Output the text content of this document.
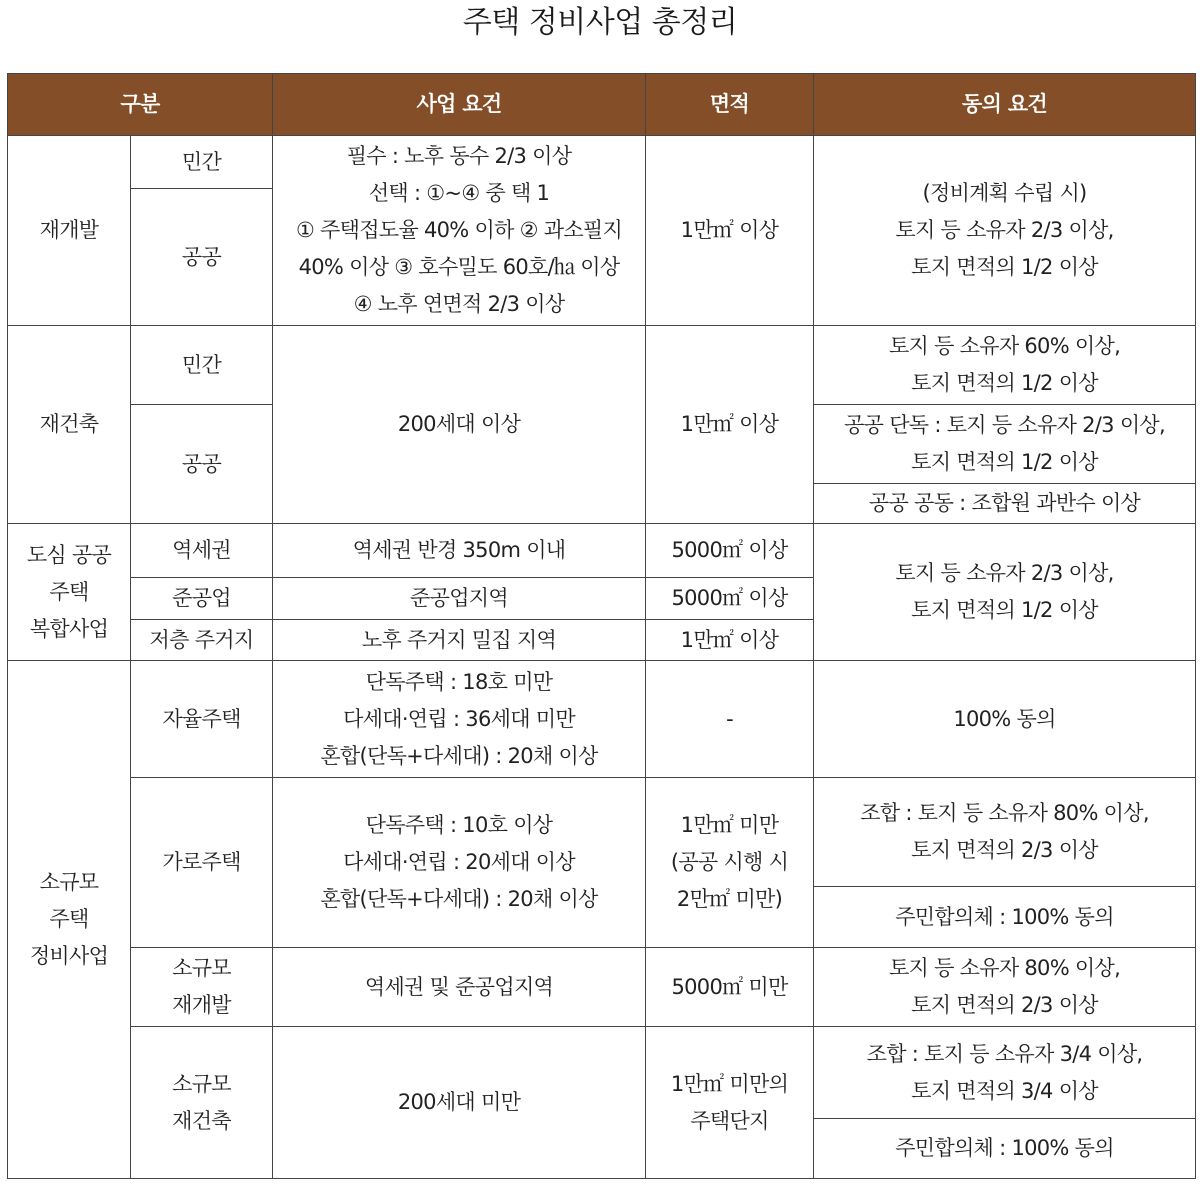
주택 정비사업 총정리
구분		사업 요건	면적	동의 요건
재개발	민간	필수 : 노후 동수 2/3 이상
선택 : ①~④ 중 택 1
① 주택접도율 40% 이하 ② 과소필지
40% 이상 ③ 호수밀도 60호/㏊ 이상
④ 노후 연면적 2/3 이상	1만㎡ 이상	(정비계획 수립 시)
토지 등 소유자 2/3 이상,
토지 면적의 1/2 이상

	공공			
재건축	민간	200세대 이상	1만㎡ 이상	토지 등 소유자 60% 이상,
토지 면적의 1/2 이상

	공공			공공 단독 : 토지 등 소유자 2/3 이상,
토지 면적의 1/2 이상

				공공 공동 : 조합원 과반수 이상

도심 공공
주택
복합사업	역세권	역세권 반경 350m 이내	5000㎡ 이상	토지 등 소유자 2/3 이상,
토지 면적의 1/2 이상

	준공업	준공업지역	5000㎡ 이상	
	저층 주거지	노후 주거지 밀집 지역	1만㎡ 이상	

소규모
주택
정비사업	자율주택	단독주택 : 18호 미만
다세대·연립 : 36세대 미만
혼합(단독+다세대) : 20채 이상	-	100% 동의
	가로주택	단독주택 : 10호 이상
다세대·연립 : 20세대 이상
혼합(단독+다세대) : 20채 이상	1만㎡ 미만
(공공 시행 시
2만㎡ 미만)	조합 : 토지 등 소유자 80% 이상,
토지 면적의 2/3 이상

				주민합의체 : 100% 동의

	소규모
재개발	역세권 및 준공업지역	5000㎡ 미만	토지 등 소유자 80% 이상,
토지 면적의 2/3 이상

	소규모
재건축	200세대 미만	1만㎡ 미만의
주택단지	조합 : 토지 등 소유자 3/4 이상,
토지 면적의 3/4 이상

				주민합의체 : 100% 동의
